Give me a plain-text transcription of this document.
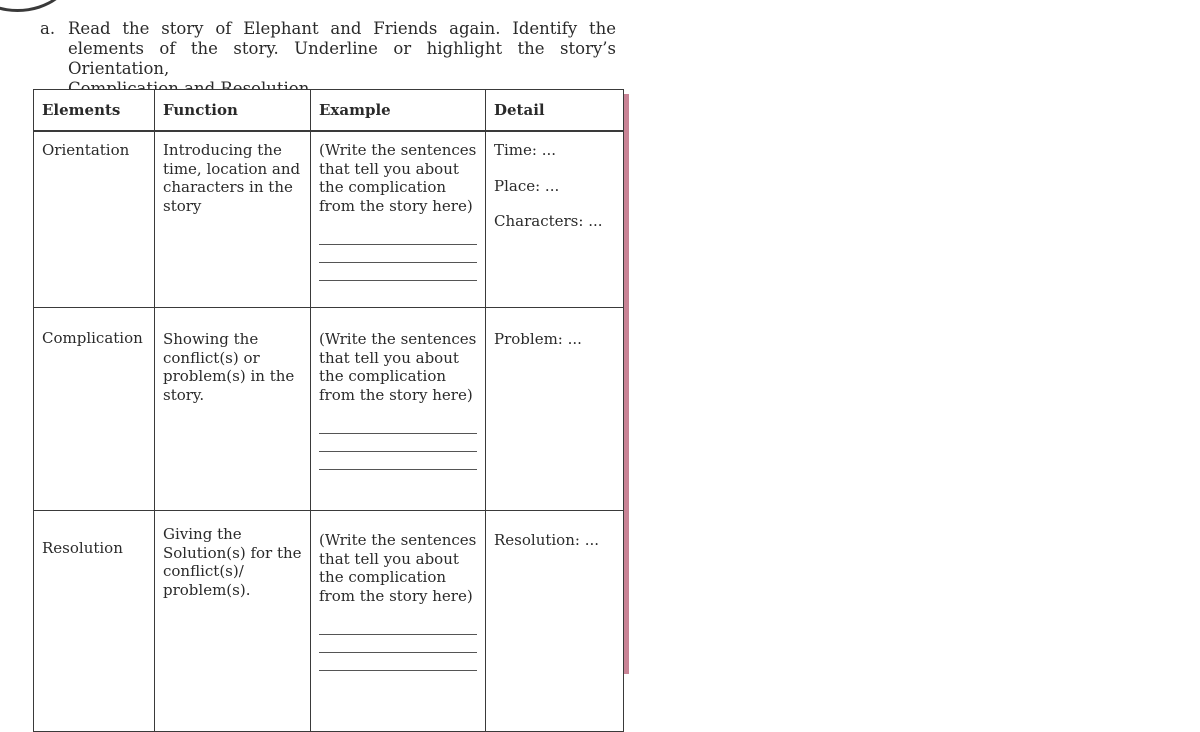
a. Read the story of Elephant and Friends again. Identify the elements of the story. Underline or highlight the story’s Orientation,
Elements	Function	Example	Detail
Orientation	Introducing the time, location and characters in the story	(Write the sentences that tell you about the complication from the story here)	Time: ...
Place: ...
Characters: ...

Complication	Showing the conflict(s) or problem(s) in the story.	(Write the sentences that tell you about the complication from the story here)	Problem: ...

Resolution	Giving the Solution(s) for the conflict(s)/ problem(s).	(Write the sentences that tell you about the complication from the story here)	Resolution: ...
